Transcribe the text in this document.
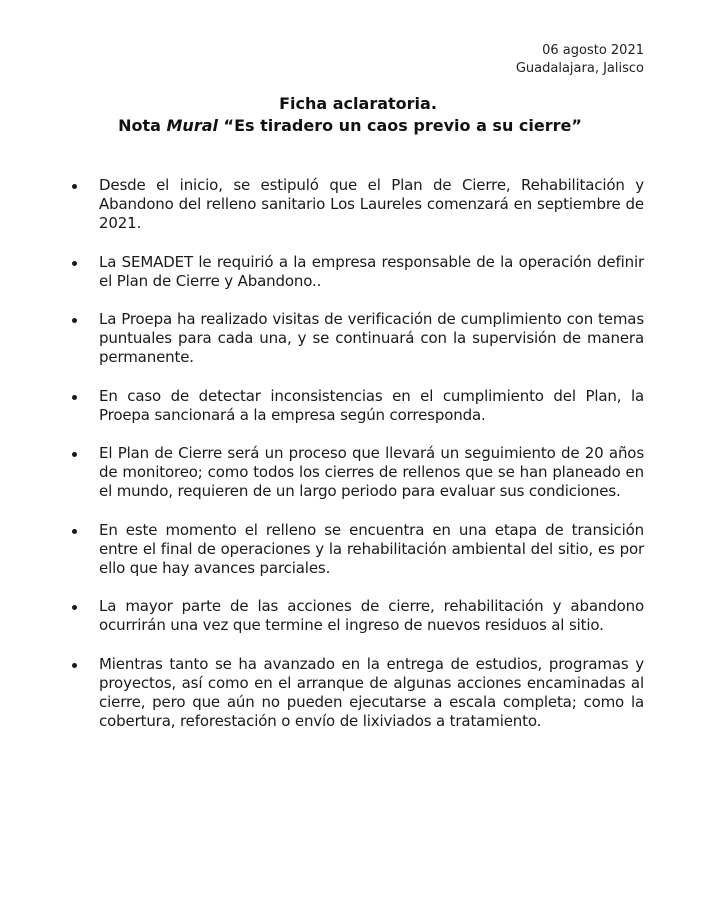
06 agosto 2021
Guadalajara, Jalisco
Ficha aclaratoria.
Nota Mural “Es tiradero un caos previo a su cierre”
Desde el inicio, se estipuló que el Plan de Cierre, Rehabilitación y Abandono del relleno sanitario Los Laureles comenzará en septiembre de 2021.
La SEMADET le requirió a la empresa responsable de la operación definir el Plan de Cierre y Abandono..
La Proepa ha realizado visitas de verificación de cumplimiento con temas puntuales para cada una, y se continuará con la supervisión de manera permanente.
En caso de detectar inconsistencias en el cumplimiento del Plan, la Proepa sancionará a la empresa según corresponda.
El Plan de Cierre será un proceso que llevará un seguimiento de 20 años de monitoreo; como todos los cierres de rellenos que se han planeado en el mundo, requieren de un largo periodo para evaluar sus condiciones.
En este momento el relleno se encuentra en una etapa de transición entre el final de operaciones y la rehabilitación ambiental del sitio, es por ello que hay avances parciales.
La mayor parte de las acciones de cierre, rehabilitación y abandono ocurrirán una vez que termine el ingreso de nuevos residuos al sitio.
Mientras tanto se ha avanzado en la entrega de estudios, programas y proyectos, así como en el arranque de algunas acciones encaminadas al cierre, pero que aún no pueden ejecutarse a escala completa; como la cobertura, reforestación o envío de lixiviados a tratamiento.
